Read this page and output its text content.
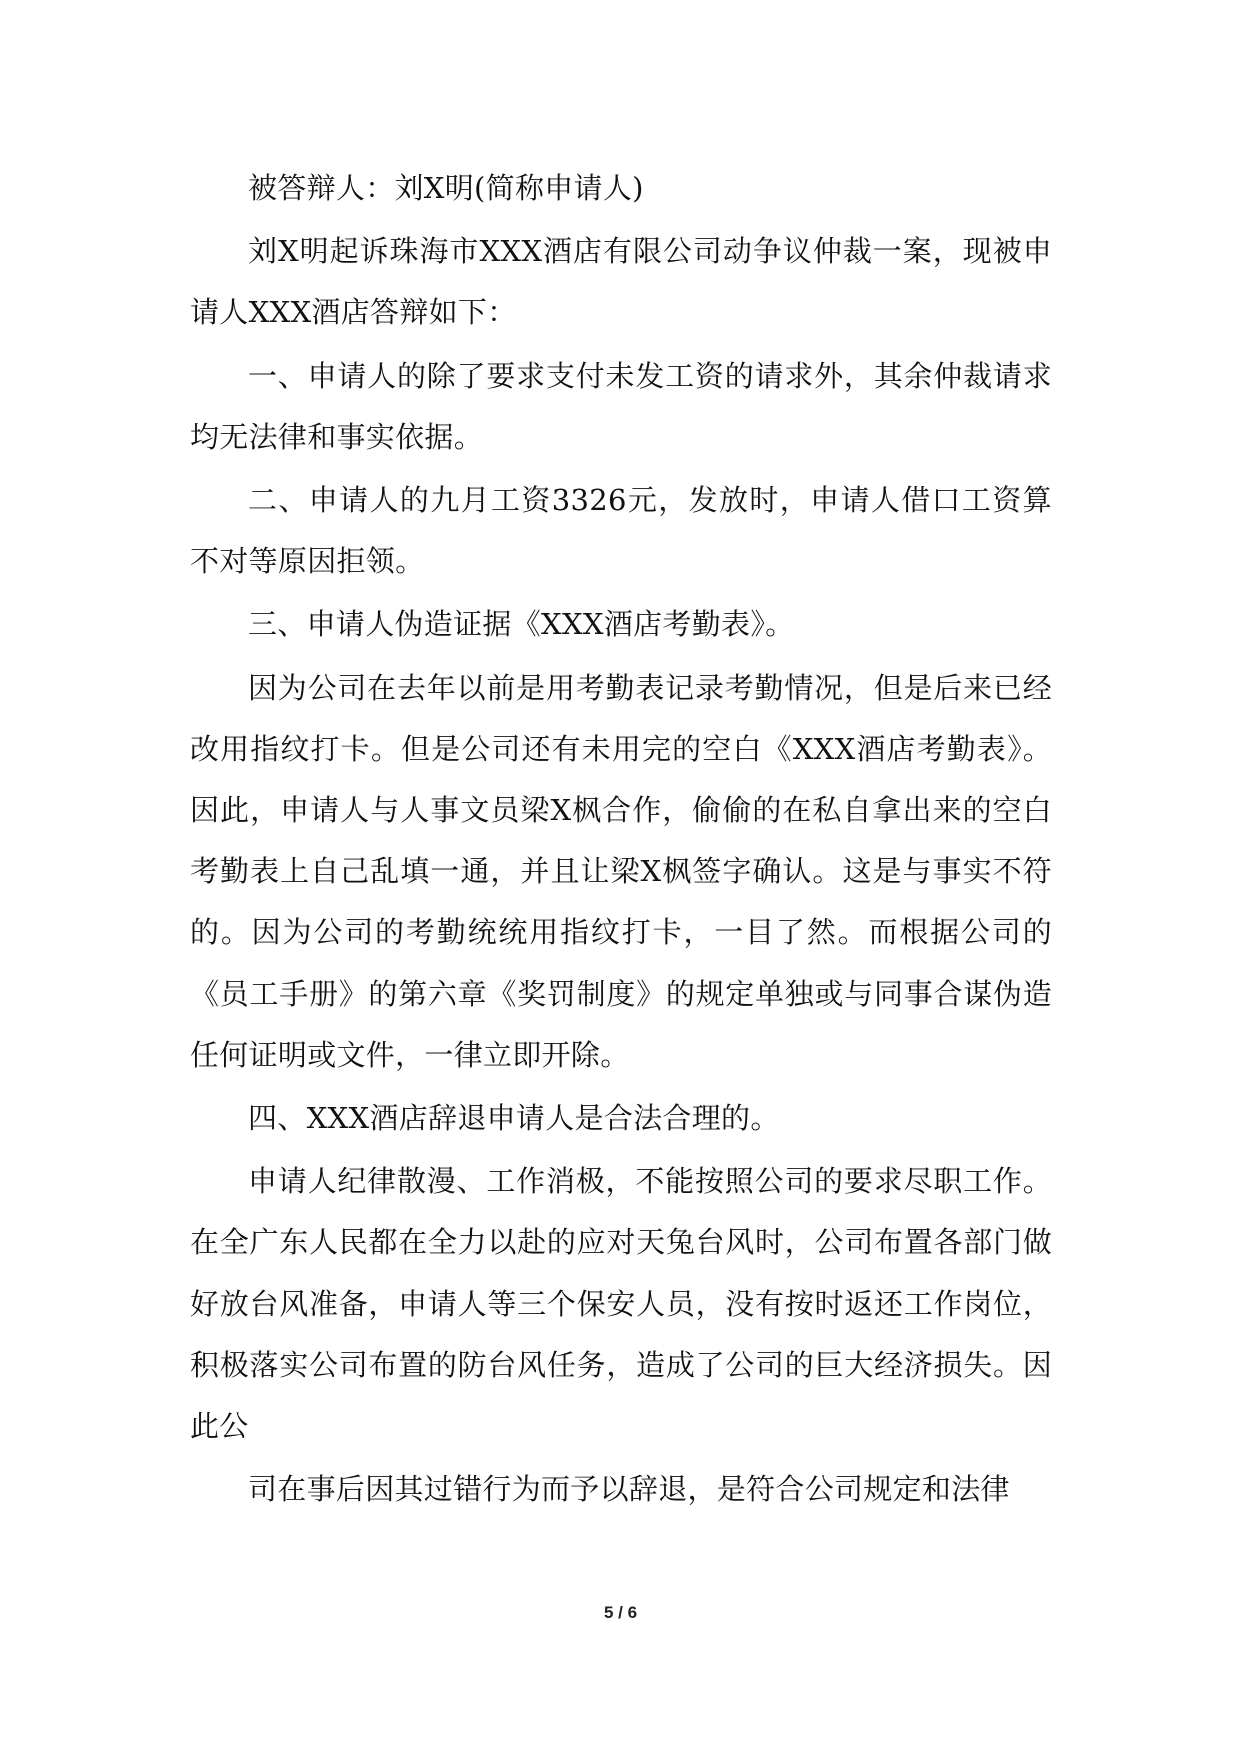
被答辩人：刘X明(简称申请人)

刘X明起诉珠海市XXX酒店有限公司动争议仲裁一案，现被申请人XXX酒店答辩如下：

一、申请人的除了要求支付未发工资的请求外，其余仲裁请求均无法律和事实依据。

二、申请人的九月工资3326元，发放时，申请人借口工资算不对等原因拒领。

三、申请人伪造证据《XXX酒店考勤表》。

因为公司在去年以前是用考勤表记录考勤情况，但是后来已经改用指纹打卡。但是公司还有未用完的空白《XXX酒店考勤表》。因此，申请人与人事文员梁X枫合作，偷偷的在私自拿出来的空白考勤表上自己乱填一通，并且让梁X枫签字确认。这是与事实不符的。因为公司的考勤统统用指纹打卡，一目了然。而根据公司的《员工手册》的第六章《奖罚制度》的规定单独或与同事合谋伪造任何证明或文件，一律立即开除。

四、XXX酒店辞退申请人是合法合理的。

申请人纪律散漫、工作消极，不能按照公司的要求尽职工作。在全广东人民都在全力以赴的应对天兔台风时，公司布置各部门做好放台风准备，申请人等三个保安人员，没有按时返还工作岗位，积极落实公司布置的防台风任务，造成了公司的巨大经济损失。因此公

司在事后因其过错行为而予以辞退，是符合公司规定和法律

5 / 6
